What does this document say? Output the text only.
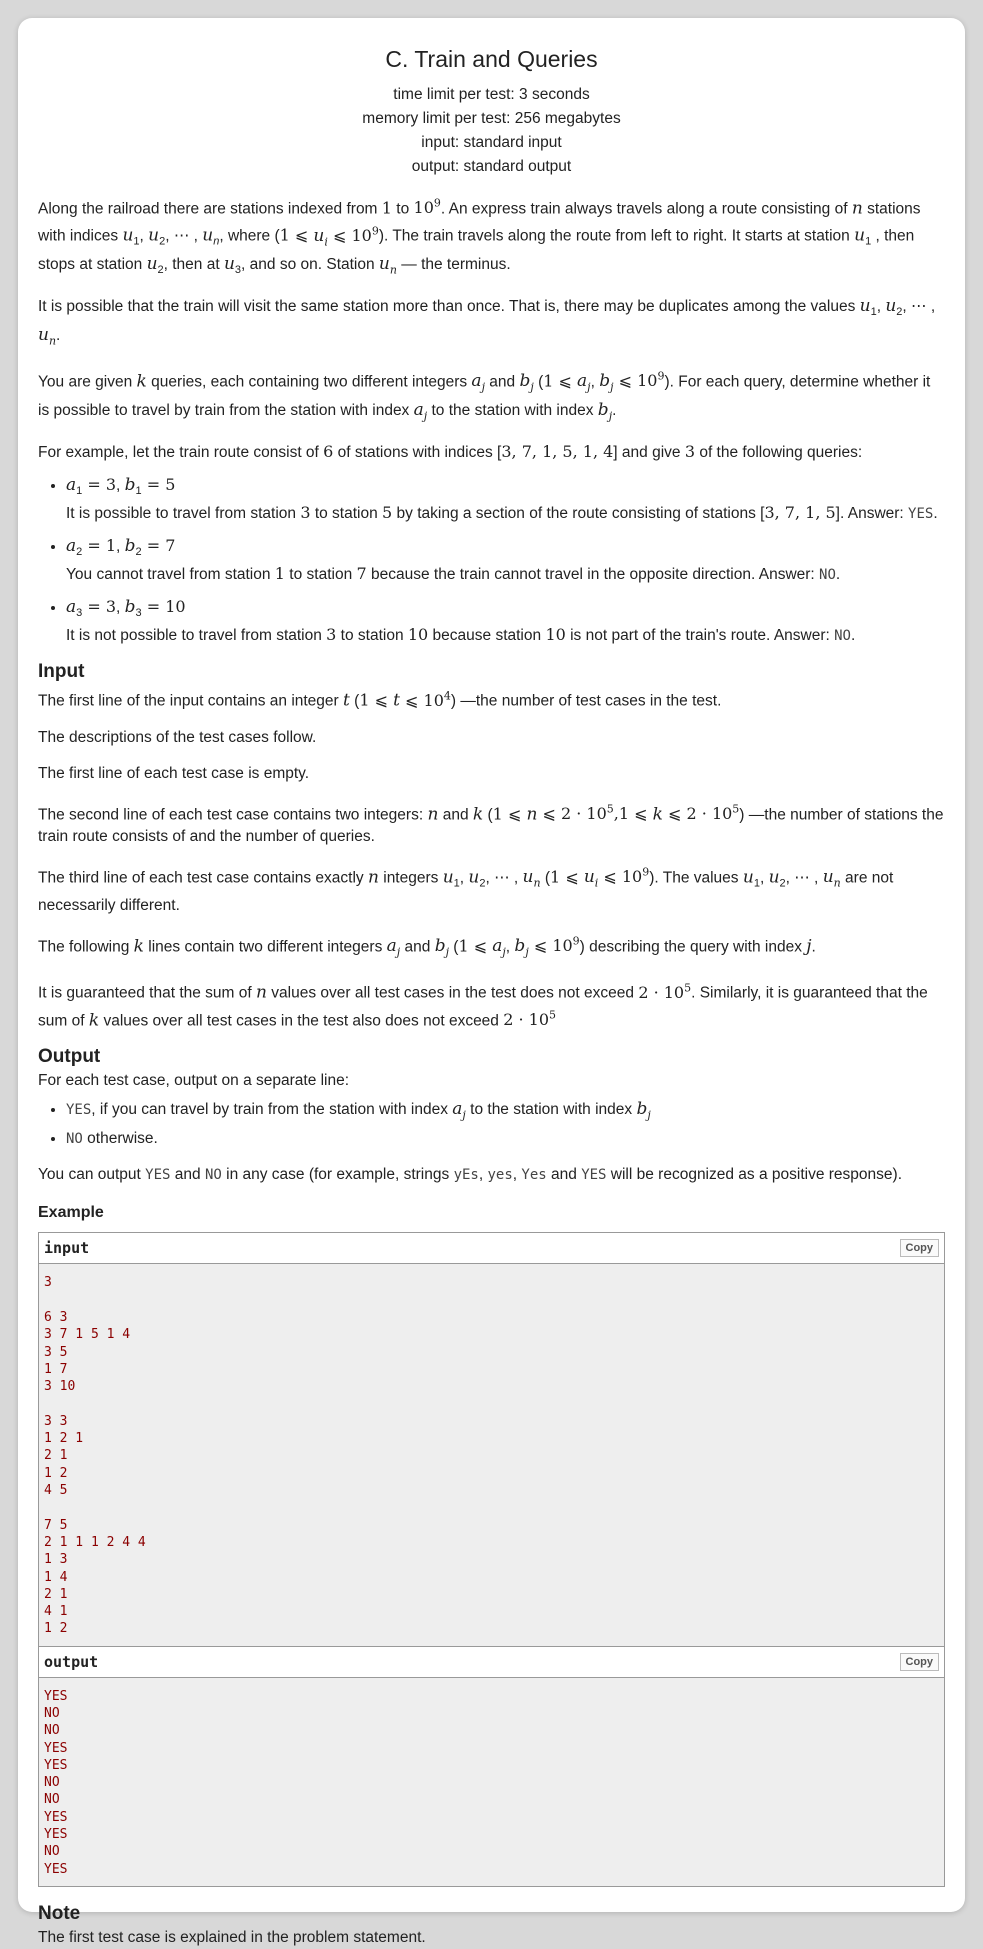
C. Train and Queries
time limit per test: 3 seconds
memory limit per test: 256 megabytes
input: standard input
output: standard output

Along the railroad there are stations indexed from 1 to $10^9$. An express train always travels along a route consisting of n stations with indices $u_1$, $u_2$, ⋯ , $u_n$, where (1 ⩽ $u_i$ ⩽ $10^9$). The train travels along the route from left to right. It starts at station $u_1$ , then stops at station $u_2$, then at $u_3$, and so on. Station $u_n$ — the terminus.

It is possible that the train will visit the same station more than once. That is, there may be duplicates among the values $u_1$, $u_2$, ⋯ , $u_n$.

You are given k queries, each containing two different integers $a_j$ and $b_j$ (1 ⩽ $a_j$, $b_j$ ⩽ $10^9$). For each query, determine whether it is possible to travel by train from the station with index $a_j$ to the station with index $b_j$.

For example, let the train route consist of 6 of stations with indices [3, 7, 1, 5, 1, 4] and give 3 of the following queries:

• $a_1 = 3$, $b_1 = 5$
It is possible to travel from station 3 to station 5 by taking a section of the route consisting of stations [3, 7, 1, 5]. Answer: YES.
• $a_2 = 1$, $b_2 = 7$
You cannot travel from station 1 to station 7 because the train cannot travel in the opposite direction. Answer: NO.
• $a_3 = 3$, $b_3 = 10$
It is not possible to travel from station 3 to station 10 because station 10 is not part of the train's route. Answer: NO.
Input

The first line of the input contains an integer t (1 ⩽ t ⩽ $10^4$) —the number of test cases in the test.

The descriptions of the test cases follow.

The first line of each test case is empty.

The second line of each test case contains two integers: n and k (1 ⩽ n ⩽ $2 \cdot 10^5,1$ ⩽ k ⩽ $2 \cdot 10^5$) —the number of stations the train route consists of and the number of queries.

The third line of each test case contains exactly n integers $u_1$, $u_2$, ⋯ , $u_n$ (1 ⩽ $u_i$ ⩽ $10^9$). The values $u_1$, $u_2$, ⋯ , $u_n$ are not necessarily different.

The following k lines contain two different integers $a_j$ and $b_j$ (1 ⩽ $a_j$, $b_j$ ⩽ $10^9$) describing the query with index j.

It is guaranteed that the sum of n values over all test cases in the test does not exceed $2 \cdot 10^5$. Similarly, it is guaranteed that the sum of k values over all test cases in the test also does not exceed $2 \cdot 10^5$

Output

For each test case, output on a separate line:

• YES, if you can travel by train from the station with index $a_j$ to the station with index $b_j$
• NO otherwise.

You can output YES and NO in any case (for example, strings yEs, yes, Yes and YES will be recognized as a positive response).

Example
input	Copy
3

6 3
3 7 1 5 1 4
3 5
1 7
3 10

3 3
1 2 1
2 1
1 2
4 5

7 5
2 1 1 1 2 4 4
1 3
1 4
2 1
4 1
1 2
output	Copy
YES
NO
NO
YES
YES
NO
NO
YES
YES
NO
YES
Note

The first test case is explained in the problem statement.
